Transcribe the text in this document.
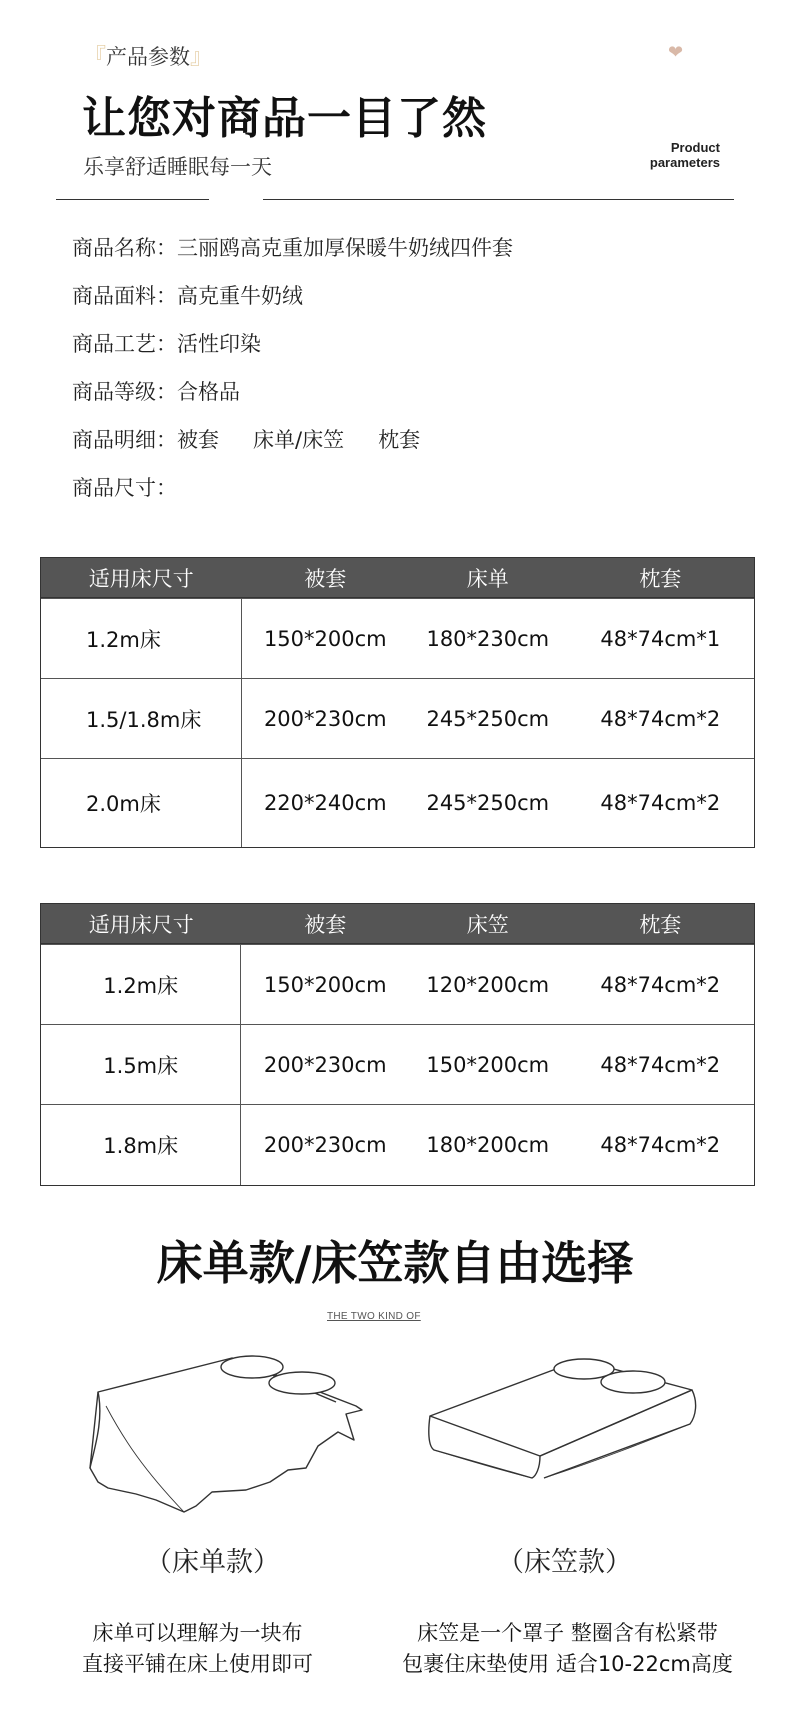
『产品参数』	❤
让您对商品一目了然
乐享舒适睡眠每一天
Product
parameters
商品名称： 三丽鸥高克重加厚保暖牛奶绒四件套
商品面料： 高克重牛奶绒
商品工艺： 活性印染
商品等级： 合格品
商品明细： 被套 床单/床笠 枕套
商品尺寸：
适用床尺寸	被套	床单	枕套
1.2m床	150*200cm	180*230cm	48*74cm*1
1.5/1.8m床	200*230cm	245*250cm	48*74cm*2
2.0m床	220*240cm	245*250cm	48*74cm*2
适用床尺寸	被套	床笠	枕套
1.2m床	150*200cm	120*200cm	48*74cm*2
1.5m床	200*230cm	150*200cm	48*74cm*2
1.8m床	200*230cm	180*200cm	48*74cm*2
床单款/床笠款自由选择
THE TWO KIND OF
（床单款）	（床笠款）
床单可以理解为一块布
直接平铺在床上使用即可
床笠是一个罩子 整圈含有松紧带
包裹住床垫使用 适合10-22cm高度
